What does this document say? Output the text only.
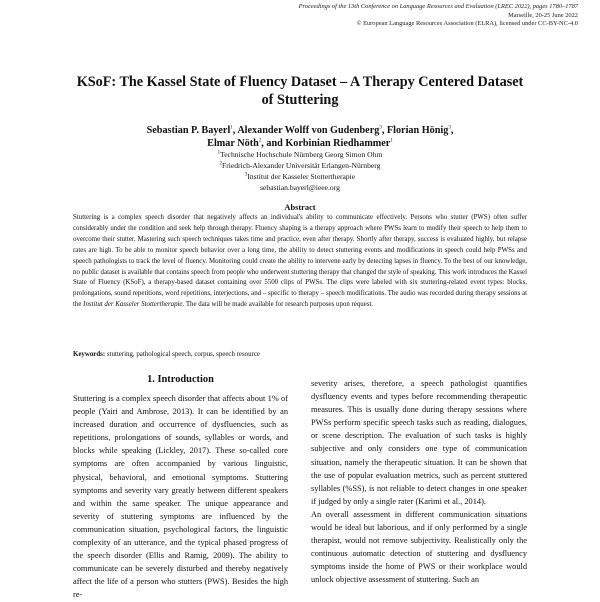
Proceedings of the 13th Conference on Language Resources and Evaluation (LREC 2022), pages 1780–1787
Marseille, 20-25 June 2022
© European Language Resources Association (ELRA), licensed under CC-BY-NC-4.0
KSoF: The Kassel State of Fluency Dataset – A Therapy Centered Dataset
of Stuttering
Sebastian P. Bayerl$^1$, Alexander Wolff von Gudenberg$^3$, Florian Hönig$^3$,
Elmar Nöth$^2$, and Korbinian Riedhammer$^1$
$^1$Technische Hochschule Nürnberg Georg Simon Ohm
$^2$Friedrich-Alexander Universität Erlangen-Nürnberg
$^3$Institut der Kasseler Stottertherapie
sebastian.bayerl@ieee.org
Abstract
Stuttering is a complex speech disorder that negatively affects an individual's ability to communicate effectively. Persons who stutter (PWS) often suffer considerably under the condition and seek help through therapy. Fluency shaping is a therapy approach where PWSs learn to modify their speech to help them to overcome their stutter. Mastering such speech techniques takes time and practice, even after therapy. Shortly after therapy, success is evaluated highly, but relapse rates are high. To be able to monitor speech behavior over a long time, the ability to detect stuttering events and modifications in speech could help PWSs and speech pathologists to track the level of fluency. Monitoring could create the ability to intervene early by detecting lapses in fluency. To the best of our knowledge, no public dataset is available that contains speech from people who underwent stuttering therapy that changed the style of speaking. This work introduces the Kassel State of Fluency (KSoF), a therapy-based dataset containing over 5500 clips of PWSs. The clips were labeled with six stuttering-related event types: blocks, prolongations, sound repetitions, word repetitions, interjections, and – specific to therapy – speech modifications. The audio was recorded during therapy sessions at the Institut der Kasseler Stottertherapie. The data will be made available for research purposes upon request.
Keywords: stuttering, pathological speech, corpus, speech resource
1. Introduction

Stuttering is a complex speech disorder that affects about 1% of people (Yairi and Ambrose, 2013). It can be identified by an increased duration and occurrence of dysfluencies, such as repetitions, prolongations of sounds, syllables or words, and blocks while speaking (Lickley, 2017). These so-called core symptoms are often accompanied by various linguistic, physical, behavioral, and emotional symptoms. Stuttering symptoms and severity vary greatly between different speakers and within the same speaker. The unique appearance and severity of stuttering symptoms are influenced by the communication situation, psychological factors, the linguistic complexity of an utterance, and the typical phased progress of the speech disorder (Ellis and Ramig, 2009). The ability to communicate can be severely disturbed and thereby negatively affect the life of a person who stutters (PWS). Besides the high re-

severity arises, therefore, a speech pathologist quantifies dysfluency events and types before recommending therapeutic measures. This is usually done during therapy sessions where PWSs perform specific speech tasks such as reading, dialogues, or scene description. The evaluation of such tasks is highly subjective and only considers one type of communication situation, namely the therapeutic situation. It can be shown that the use of popular evaluation metrics, such as percent stuttered syllables (%SS), is not reliable to detect changes in one speaker if judged by only a single rater (Karimi et al., 2014).

An overall assessment in different communication situations would be ideal but laborious, and if only performed by a single therapist, would not remove subjectivity. Realistically only the continuous automatic detection of stuttering and dysfluency symptoms inside the home of PWS or their workplace would unlock objective assessment of stuttering. Such an
